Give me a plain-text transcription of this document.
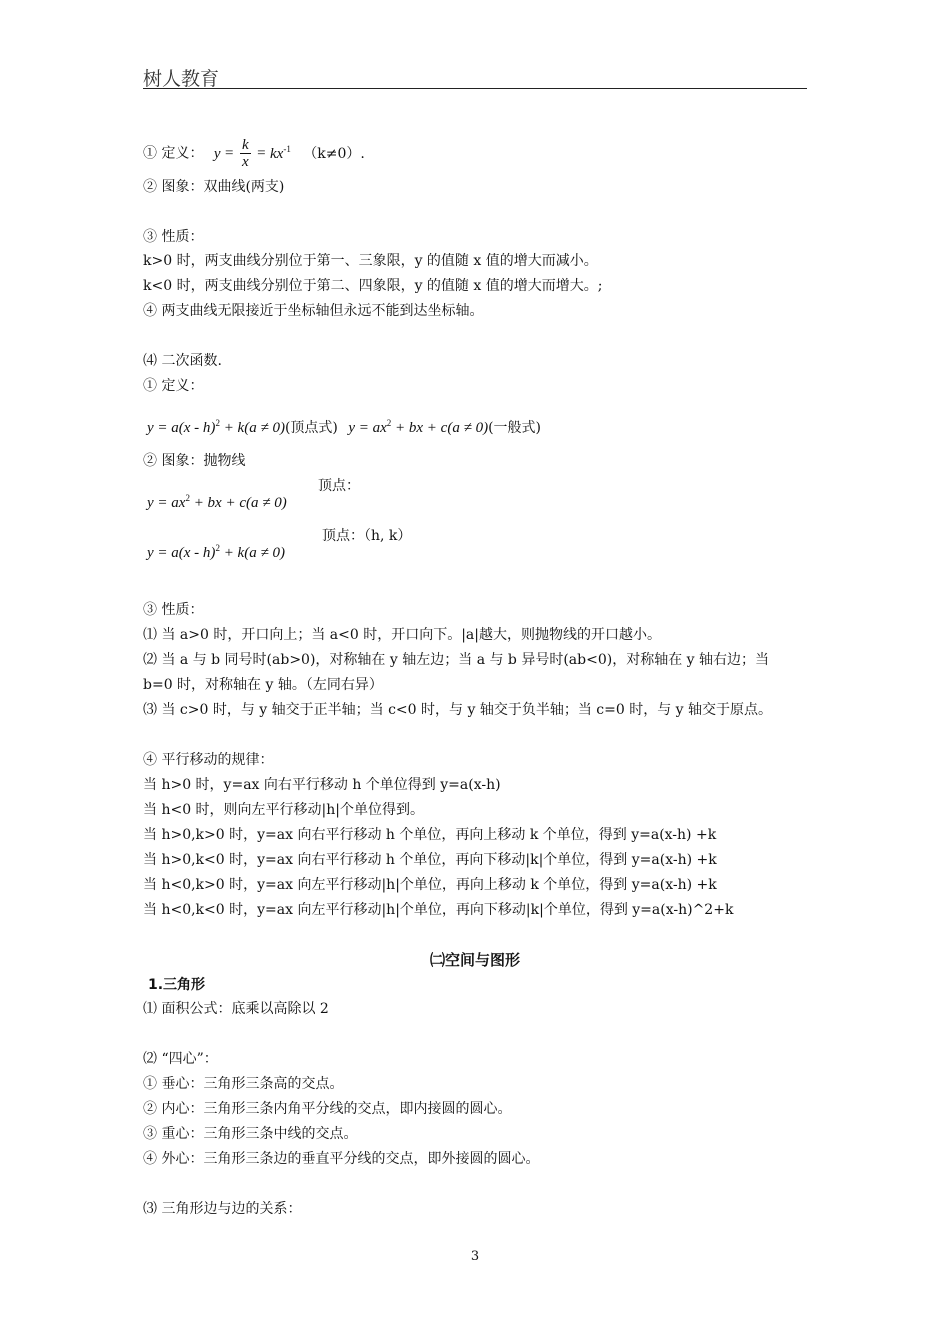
树人教育
① 定义： $y = \frac{k}{x} = kx^{-1}$ （k≠0）.
② 图象：双曲线(两支)
③ 性质：
k>0 时，两支曲线分别位于第一、三象限，y 的值随 x 值的增大而减小。
k<0 时，两支曲线分别位于第二、四象限，y 的值随 x 值的增大而增大。;
④ 两支曲线无限接近于坐标轴但永远不能到达坐标轴。
⑷ 二次函数.
① 定义：
y = a(x - h)$^2$ + k(a ≠ 0)(顶点式) $y = ax^2$ + bx + c(a ≠ 0)(一般式)
② 图象：抛物线
$y = ax^2$ + bx + c(a ≠ 0)
顶点：
y = a(x - h)$^2$ + k(a ≠ 0)
顶点：（h, k）
③ 性质：
⑴ 当 a>0 时，开口向上；当 a<0 时，开口向下。|a|越大，则抛物线的开口越小。
⑵ 当 a 与 b 同号时(ab>0)，对称轴在 y 轴左边；当 a 与 b 异号时(ab<0)，对称轴在 y 轴右边；当
b=0 时，对称轴在 y 轴。（左同右异）
⑶ 当 c>0 时，与 y 轴交于正半轴；当 c<0 时，与 y 轴交于负半轴；当 c=0 时，与 y 轴交于原点。
④ 平行移动的规律：
当 h>0 时，y=ax 向右平行移动 h 个单位得到 y=a(x-h)
当 h<0 时，则向左平行移动|h|个单位得到。
当 h>0,k>0 时，y=ax 向右平行移动 h 个单位，再向上移动 k 个单位，得到 y=a(x-h) +k
当 h>0,k<0 时，y=ax 向右平行移动 h 个单位，再向下移动|k|个单位，得到 y=a(x-h) +k
当 h<0,k>0 时，y=ax 向左平行移动|h|个单位，再向上移动 k 个单位，得到 y=a(x-h) +k
当 h<0,k<0 时，y=ax 向左平行移动|h|个单位，再向下移动|k|个单位，得到 y=a(x-h)^2+k
㈡空间与图形
1.三角形
⑴ 面积公式：底乘以高除以 2
⑵ “四心”：
① 垂心：三角形三条高的交点。
② 内心：三角形三条内角平分线的交点，即内接圆的圆心。
③ 重心：三角形三条中线的交点。
④ 外心：三角形三条边的垂直平分线的交点，即外接圆的圆心。
⑶ 三角形边与边的关系：
3
